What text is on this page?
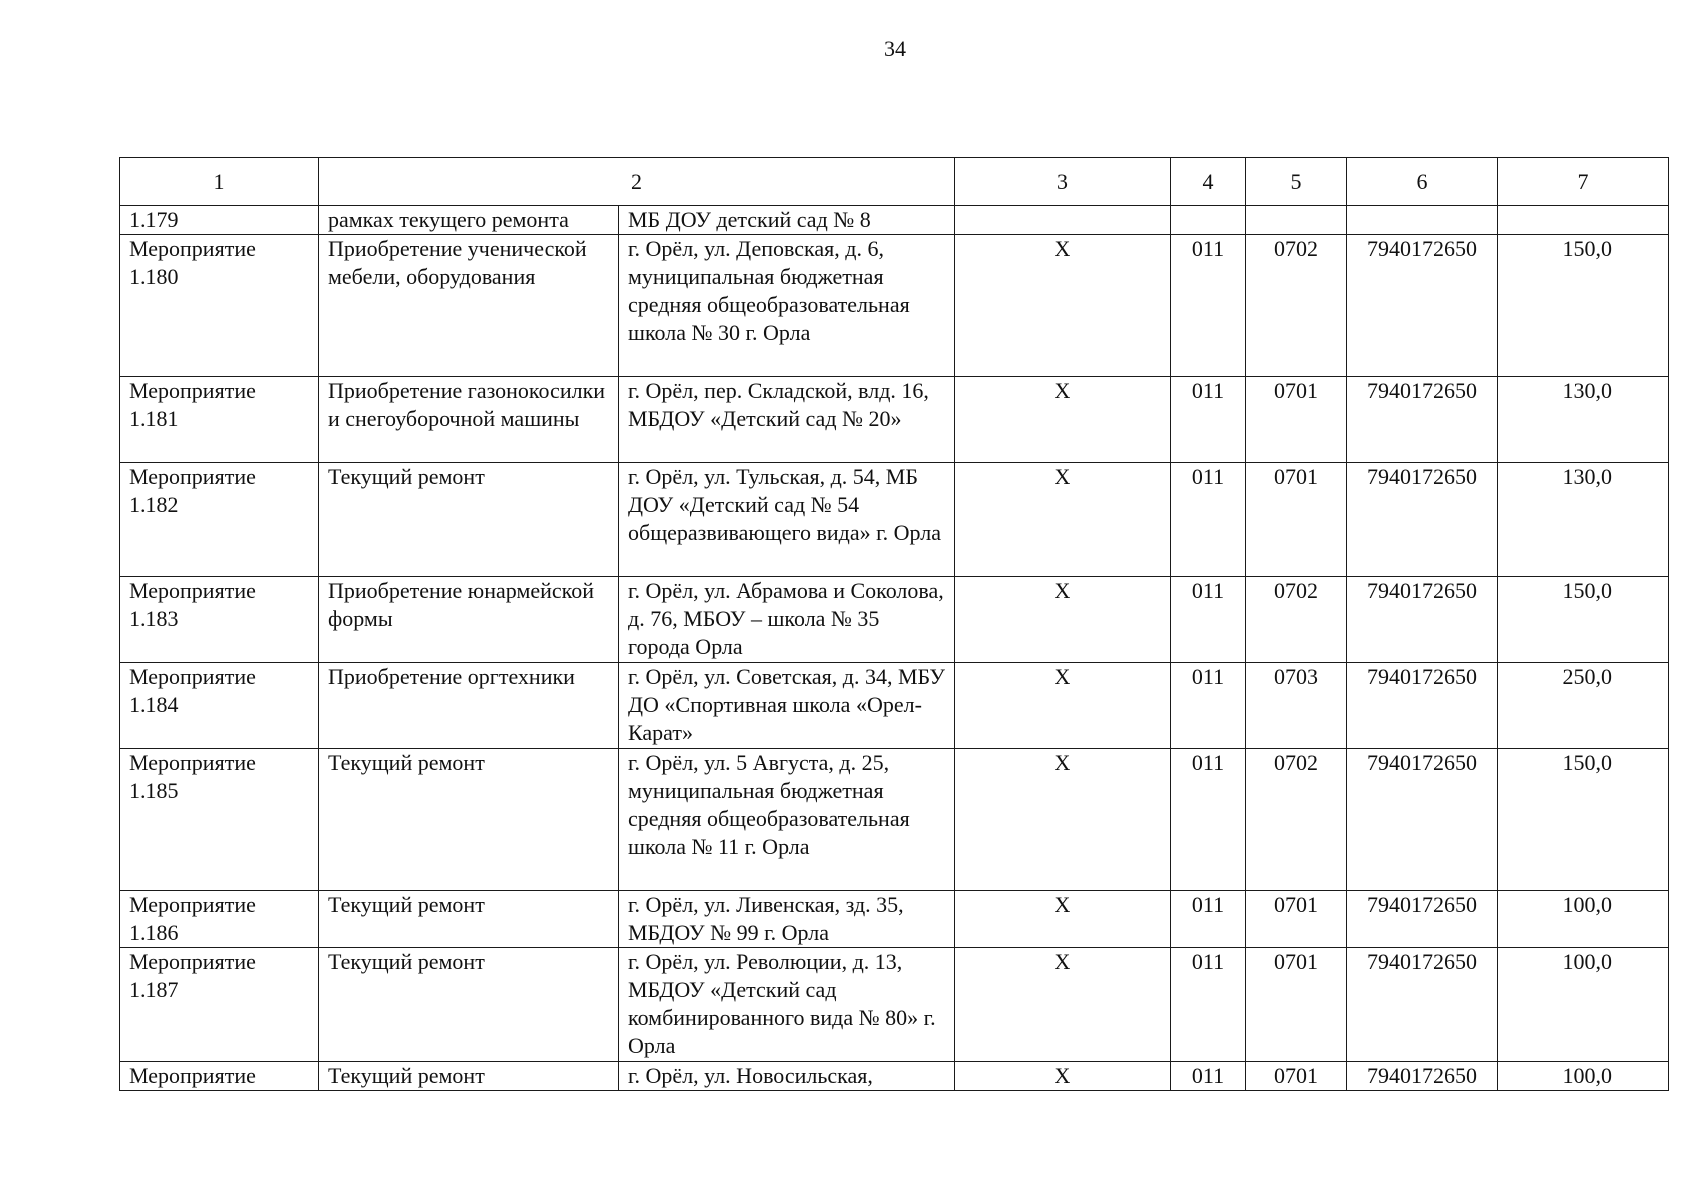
34
1	2		3	4	5	6	7
1.179	рамках текущего ремонта	МБ ДОУ детский сад № 8					
Мероприятие 1.180	Приобретение ученической мебели, оборудования	г. Орёл, ул. Деповская, д. 6, муниципальная бюджетная средняя общеобразовательная школа № 30 г. Орла	X	011	0702	7940172650	150,0
Мероприятие 1.181	Приобретение газонокосилки и снегоуборочной машины	г. Орёл, пер. Складской, влд. 16, МБДОУ «Детский сад № 20»	X	011	0701	7940172650	130,0
Мероприятие 1.182	Текущий ремонт	г. Орёл, ул. Тульская, д. 54, МБ ДОУ «Детский сад № 54 общеразвивающего вида» г. Орла	X	011	0701	7940172650	130,0
Мероприятие 1.183	Приобретение юнармейской формы	г. Орёл, ул. Абрамова и Соколова, д. 76, МБОУ – школа № 35 города Орла	X	011	0702	7940172650	150,0
Мероприятие 1.184	Приобретение оргтехники	г. Орёл, ул. Советская, д. 34, МБУ ДО «Спортивная школа «Орел-Карат»	X	011	0703	7940172650	250,0
Мероприятие 1.185	Текущий ремонт	г. Орёл, ул. 5 Августа, д. 25, муниципальная бюджетная средняя общеобразовательная школа № 11 г. Орла	X	011	0702	7940172650	150,0
Мероприятие 1.186	Текущий ремонт	г. Орёл, ул. Ливенская, зд. 35, МБДОУ № 99 г. Орла	X	011	0701	7940172650	100,0
Мероприятие 1.187	Текущий ремонт	г. Орёл, ул. Революции, д. 13, МБДОУ «Детский сад комбинированного вида № 80» г. Орла	X	011	0701	7940172650	100,0
Мероприятие	Текущий ремонт	г. Орёл, ул. Новосильская,	X	011	0701	7940172650	100,0
